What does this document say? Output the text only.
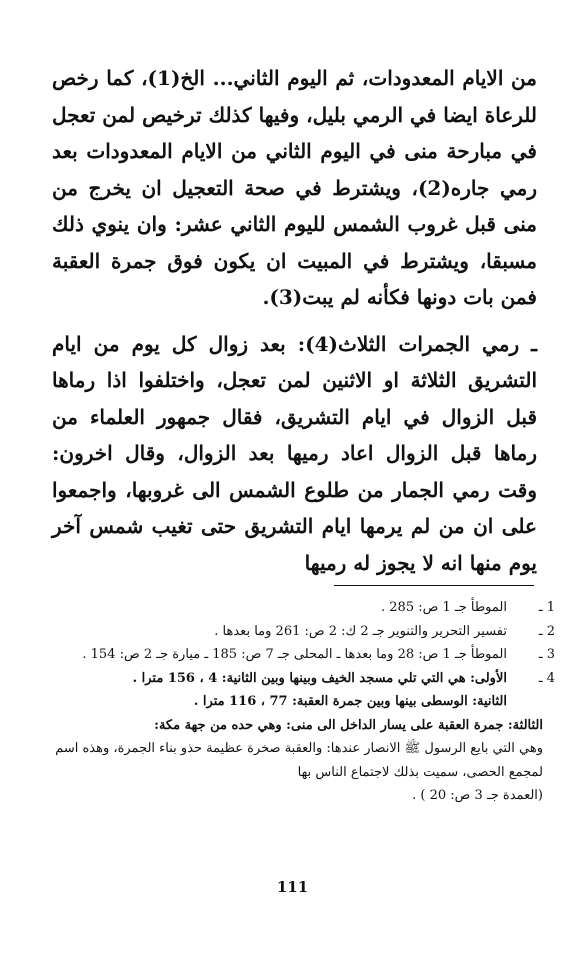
من الايام المعدودات، ثم اليوم الثاني... الخ(1)، كما رخص للرعاة ايضا في الرمي بليل، وفيها كذلك ترخيص لمن تعجل في مبارحة منى في اليوم الثاني من الايام المعدودات بعد رمي جاره(2)، ويشترط في صحة التعجيل ان يخرج من منى قبل غروب الشمس لليوم الثاني عشر: وان ينوي ذلك مسبقا، ويشترط في المبيت ان يكون فوق جمرة العقبة فمن بات دونها فكأنه لم يبت(3).

ـ رمي الجمرات الثلاث(4): بعد زوال كل يوم من ايام التشريق الثلاثة او الاثنين لمن تعجل، واختلفوا اذا رماها قبل الزوال في ايام التشريق، فقال جمهور العلماء من رماها قبل الزوال اعاد رميها بعد الزوال، وقال اخرون: وقت رمي الجمار من طلوع الشمس الى غروبها، واجمعوا على ان من لم يرمها ايام التشريق حتى تغيب شمس آخر يوم منها انه لا يجوز له رميها

1 ـ
الموطأ جـ 1 ص: 285 .
2 ـ
تفسير التحرير والتنوير جـ 2 ك: 2 ص: 261 وما بعدها .
3 ـ
الموطأ جـ 1 ص: 28 وما بعدها ـ المحلى جـ 7 ص: 185 ـ ميارة جـ 2 ص: 154 .
4 ـ
الأولى: هي التي تلي مسجد الخيف وبينها وبين الثانية: 4 ، 156 مترا .
الثانية: الوسطى بينها وبين جمرة العقبة: 77 ، 116 مترا .
الثالثة: جمرة العقبة على يسار الداخل الى منى: وهي حده من جهة مكة:
وهي التي بايع الرسول ﷺ الانصار عندها: والعقبة صخرة عظيمة حذو بناء الجمرة، وهذه اسم لمجمع الحصى، سميت بذلك لاجتماع الناس بها
(العمدة جـ 3 ص: 20 ) .
111
